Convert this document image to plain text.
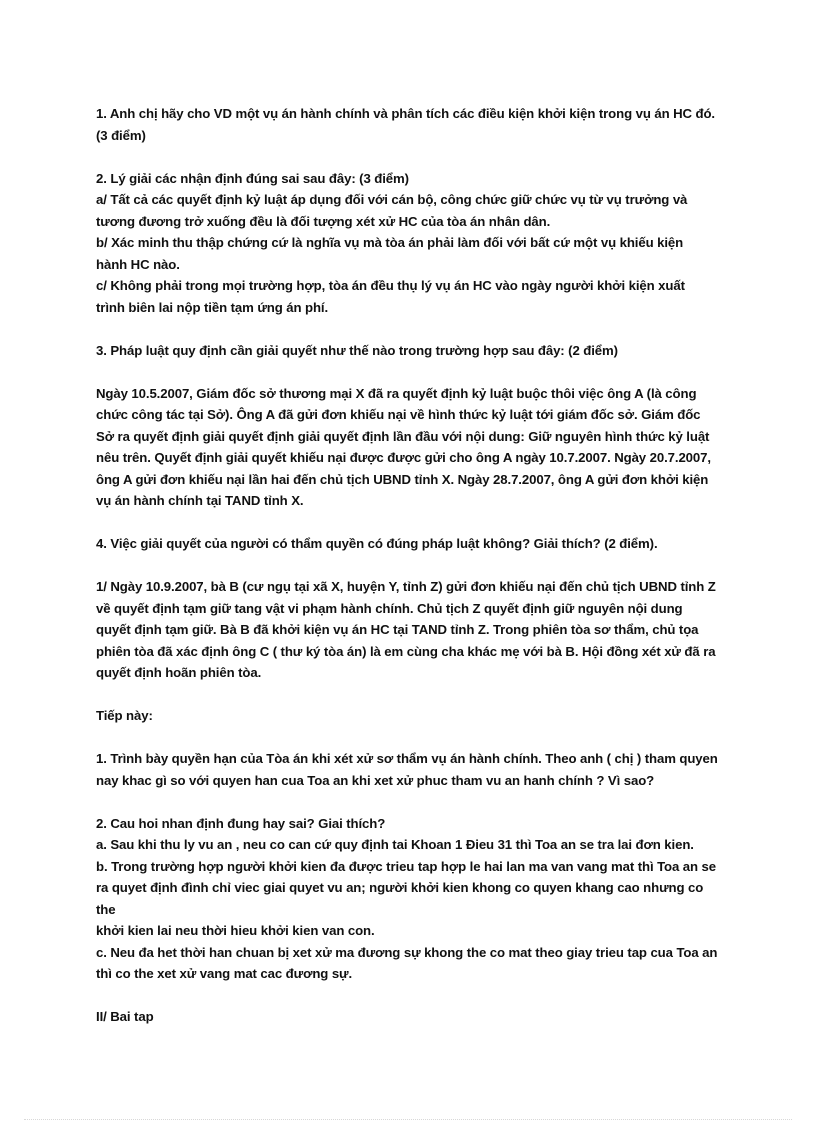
1. Anh chị hãy cho VD một vụ án hành chính và phân tích các điều kiện khởi kiện trong vụ án HC đó.

(3 điểm)

2. Lý giải các nhận định đúng sai sau đây: (3 điểm)

a/ Tất cả các quyết định kỷ luật áp dụng đối với cán bộ, công chức giữ chức vụ từ vụ trưởng và

tương đương trở xuống đều là đối tượng xét xử HC của tòa án nhân dân.

b/ Xác minh thu thập chứng cứ là nghĩa vụ mà tòa án phải làm đối với bất cứ một vụ khiếu kiện

hành HC nào.

c/ Không phải trong mọi trường hợp, tòa án đều thụ lý vụ án HC vào ngày người khởi kiện xuất

trình biên lai nộp tiền tạm ứng án phí.

3. Pháp luật quy định cần giải quyết như thế nào trong trường hợp sau đây: (2 điểm)

Ngày 10.5.2007, Giám đốc sở thương mại X đã ra quyết định kỷ luật buộc thôi việc ông A (là công

chức công tác tại Sở). Ông A đã gửi đơn khiếu nại về hình thức kỷ luật tới giám đốc sở. Giám đốc

Sở ra quyết định giải quyết định giải quyết định lần đầu với nội dung: Giữ nguyên hình thức kỷ luật

nêu trên. Quyết định giải quyết khiếu nại được được gửi cho ông A ngày 10.7.2007. Ngày 20.7.2007,

ông A gửi đơn khiếu nại lần hai đến chủ tịch UBND tỉnh X. Ngày 28.7.2007, ông A gửi đơn khởi kiện

vụ án hành chính tại TAND tỉnh X.

4. Việc giải quyết của người có thẩm quyền có đúng pháp luật không? Giải thích? (2 điểm).

1/ Ngày 10.9.2007, bà B (cư ngụ tại xã X, huyện Y, tỉnh Z) gửi đơn khiếu nại đến chủ tịch UBND tỉnh Z

về quyết định tạm giữ tang vật vi phạm hành chính. Chủ tịch Z quyết định giữ nguyên nội dung

quyết định tạm giữ. Bà B đã khởi kiện vụ án HC tại TAND tỉnh Z. Trong phiên tòa sơ thẩm, chủ tọa

phiên tòa đã xác định ông C ( thư ký tòa án) là em cùng cha khác mẹ với bà B. Hội đồng xét xử đã ra

quyết định hoãn phiên tòa.

Tiếp này:

1. Trình bày quyền hạn của Tòa án khi xét xử sơ thẩm vụ án hành chính. Theo anh ( chị ) tham quyen

nay khac gì so với quyen han cua Toa an khi xet xử phuc tham vu an hanh chính ? Vì sao?

2. Cau hoi nhan định đung hay sai? Giai thích?

a. Sau khi thu ly vu an , neu co can cứ quy định tai Khoan 1 Đieu 31 thì Toa an se tra lai đơn kien.

b. Trong trường hợp người khởi kien đa được trieu tap hợp le hai lan ma van vang mat thì Toa an se

ra quyet định đình chỉ viec giai quyet vu an; người khởi kien khong co quyen khang cao nhưng co the

khởi kien lai neu thời hieu khởi kien van con.

c. Neu đa het thời han chuan bị xet xử ma đương sự khong the co mat theo giay trieu tap cua Toa an

thì co the xet xử vang mat cac đương sự.

II/ Bai tap
